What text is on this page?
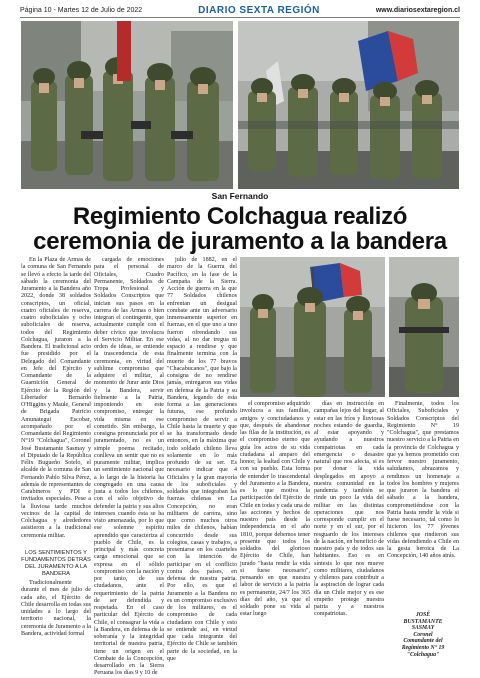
Página 10 - Martes 12 de Julio de 2022	DIARIO SEXTA REGIÓN	www.diariosextaregion.cl
San Fernando
Regimiento Colchagua realizó
ceremonia de juramento a la bandera

En la Plaza de Armas de la comuna de San Fernando se llevó a efecto la tarde del sábado la ceremonia del Juramento a la Bandera año 2022, donde 38 soldados conscriptos, un oficial, cuatro oficiales de reserva, cuatro suboficiales y ocho suboficiales de reserva, todos del Regimiento Colchagua, juraron a la Bandera. El tradicional acto fue presidido por el Delegado del Comandante en Jefe del Ejército y Comandante de la Guarnición General de Ejército de la Región del Libertador Bernardo O'Higgins y Maule, General de Brigada Patricio Amunategui Escobar, acompañado por el Comandante del Regimiento N°19 "Colchagua", Coronel José Bustamante Sasmay y el Diputado de la República Félix Bugueño Sotelo, el alcalde de la comuna de San Fernando Pablo Silva Pérez, además de representantes de Carabineros y PDI e invitados especiales. Pese a la lluviosa tarde muchos vecinos de la capital de Colchagua y alrededores asistieron a la tradicional ceremonia militar.

LOS SENTIMIENTOS Y FUNDAMENTOS DETRÁS DEL JURAMENTO A LA BANDERA

Tradicionalmente durante el mes de julio de cada año, el Ejército de Chile desarrolla en todas sus unidades a lo largo del territorio nacional, la ceremonia de Juramento a la Bandera, actividad formal

cargada de emociones para el personal de Oficiales, Cuadro Permanente, Soldados de Tropa Profesional y Soldados Conscriptos que inician sus pasos en la carrera de las Armas o bien integran el contingente, que actualmente cumple con el deber cívico que involucra el Servicio Militar. En ese orden de ideas, se entiende la trascendencia de esta ceremonia, en virtud del sublime compromiso que adquiere el militar, al momento de Jurar ante Dios y la Bandera, servir fielmente a la Patria, imponiendo en este compromiso, entregar la vida misma en ese cometido. Sin embargo, la consigna pronunciada por el juramentado, no es un simple poema recitado, conlleva un sentir que no es puramente militar, implica un sentimiento nacional que a lo largo de la historia ha congregado en una causa justa a todos los chilenos, con el sólo objetivo de defender la patria y sus altos intereses cuando ésta se ha visto amenazada, por lo que ese solemne espíritu aprendido que caracteriza al pueblo de Chile, es la principal y más concreta carga emocional que se expresa en el sólido compromiso con la nación y por tanto, de sus ciudadanos, ante el requerimiento de la patria de ser defendida y respetada. En el caso particular del Ejército de Chile, el consagrar la vida a la Bandera, en defensa de la soberanía y la integridad territorial de nuestra patria, tiene un origen en el Combate de la Concepción, desarrollado en la Sierra Peruana los días 9 y 10 de

julio de 1882, en el marco de la Guerra del Pacífico, en la fase de la Campaña de la Sierra. Acción de guerra en la que 77 Soldados chilenos enfrentan un desigual combate ante un adversario inmensamente superior en fuerzas, en el que uno a uno fueron ofrendando sus vidas, al no dar tregua ni espacio a rendirse y que finalmente termina con la muerte de los 77 bravos "Chacabucanos", que bajo la consigna de no rendirse jamás, entregaron sus vidas en defensa de la Patria y su Bandera, legando de esta forma a las generaciones futuras, ese profundo compromiso de servir a Chile hasta la muerte y que se ha transformado desde entonces, en la máxima que todo soldado chileno lleva solamente en lo más profundo de su ser. Es necesario indicar que 4 Oficiales y la gran mayoría de los suboficiales y soldados que integraban las fuerzas chilenas en La Concepción, no eran militares de carrera, sino que como muchos otros miles de chilenos, habían concurrido desde sus colegios, casas y trabajos, a presentarse en los cuarteles con la intención de participar en el conflicto contra dos países, en defensa de nuestra patria. Por ello, es que el Juramento a la Bandera no es un compromiso exclusivo de los militares, es el compromiso de cada ciudadano con Chile y esto se entiende así, en virtud que cada integrante del Ejército de Chile se también parte de la sociedad, en la que

el compromiso adquirido involucra a sus familias, amigos y conciudadanos y que, después de abandonar las filas de la institución, es el compromiso eterno que guía los actos de su vida ciudadana al amparo del honor, la lealtad con Chile y con su pueblo. Esta forma de entender lo trascendental del Juramento a la Bandera, es lo que motiva la participación del Ejército de Chile en todas y cada una de las acciones y hechos de nuestro país desde la independencia en el año 1810, porque debemos tener presente que todos los soldados del glorioso Ejército de Chile, han jurado "hasta rendir la vida si fuese necesario", pensando en que nuestra labor de servicio a la patria es permanente, 24/7 los 365 días del año, ya que el soldado pone su vida al estar luego

días en instrucción en campañas lejos del hogar, al estar en las fríos y lluviosas noches estando de guardia, al estar apoyando y ayudando a nuestros compatriotas en cada emergencia o desastre natural que nos afecta, si es por donar la vida desplegados en apoyo a nuestra comunidad en la pandemia y también se rinde un poco la vida del militar en las distintas operaciones que nos corresponde cumplir en el norte y en el sur, por el resguardo de los intereses de la nación, en beneficio de nuestro país y de todos sus habitantes. Eso es en síntesis lo que nos mueve como militares, ciudadanos y chilenos para contribuir a la aspiración de lograr cada día un Chile mejor y es ese empeño protege nuestra patria y a nuestros compatriotas.

Finalmente, todos los Oficiales, Suboficiales y Soldados Conscriptos del Regimiento N° 19 "Colchagua", que prestamos nuestro servicio a la Patria en la provincia de Colchagua y que ya hemos prometido con fervor nuestro juramento, saludamos, abrazamos y rendimos un homenaje a todos los hombres y mujeres que juraron la bandera el sábado a la bandera, comprometiéndose con la Patria hasta rendir la vida si fuese necesario, tal como lo hicieron los 77 jóvenes chilenos que rindieron sus vidas defendiendo a Chile en la gesta heroica de La Concepción, 140 años atrás.

JOSÉ
BUSTAMANTE
SASMAY
Coronel
Comandante del
Regimiento N° 19
"Colchagua"
